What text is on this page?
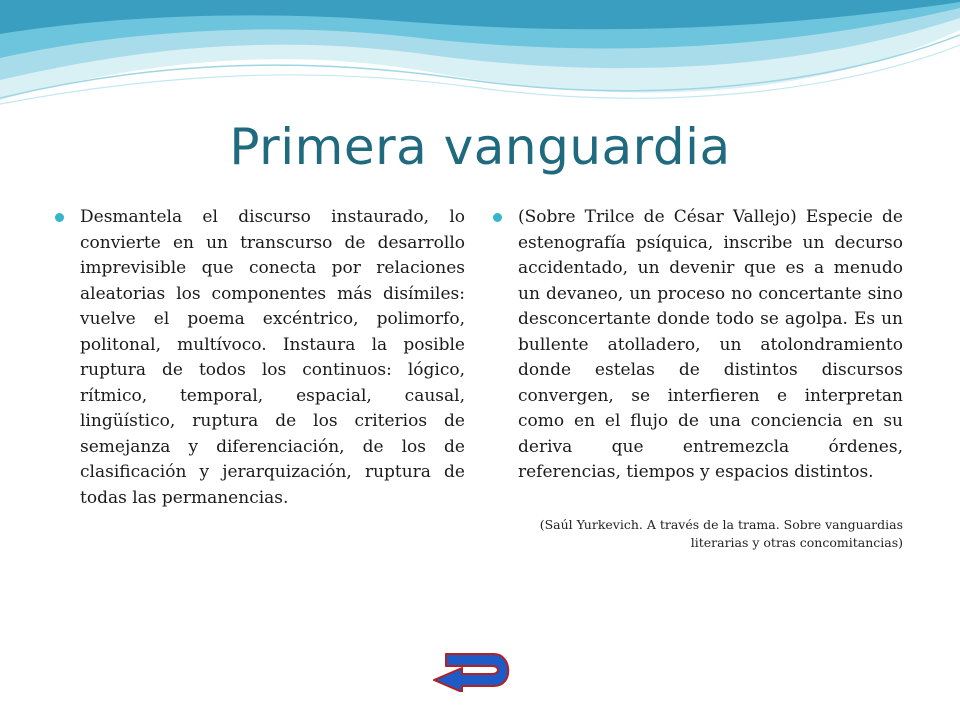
Primera vanguardia
Desmantela el discurso instaurado, lo convierte en un transcurso de desarrollo imprevisible que conecta por relaciones aleatorias los componentes más disímiles: vuelve el poema excéntrico, polimorfo, politonal, multívoco. Instaura la posible ruptura de todos los continuos: lógico, rítmico, temporal, espacial, causal, lingüístico, ruptura de los criterios de semejanza y diferenciación, de los de clasificación y jerarquización, ruptura de todas las permanencias.
(Sobre Trilce de César Vallejo) Especie de estenografía psíquica, inscribe un decurso accidentado, un devenir que es a menudo un devaneo, un proceso no concertante sino desconcertante donde todo se agolpa. Es un bullente atolladero, un atolondramiento donde estelas de distintos discursos convergen, se interfieren e interpretan como en el flujo de una conciencia en su deriva que entremezcla órdenes, referencias, tiempos y espacios distintos.
(Saúl Yurkevich. A través de la trama. Sobre vanguardias literarias y otras concomitancias)
